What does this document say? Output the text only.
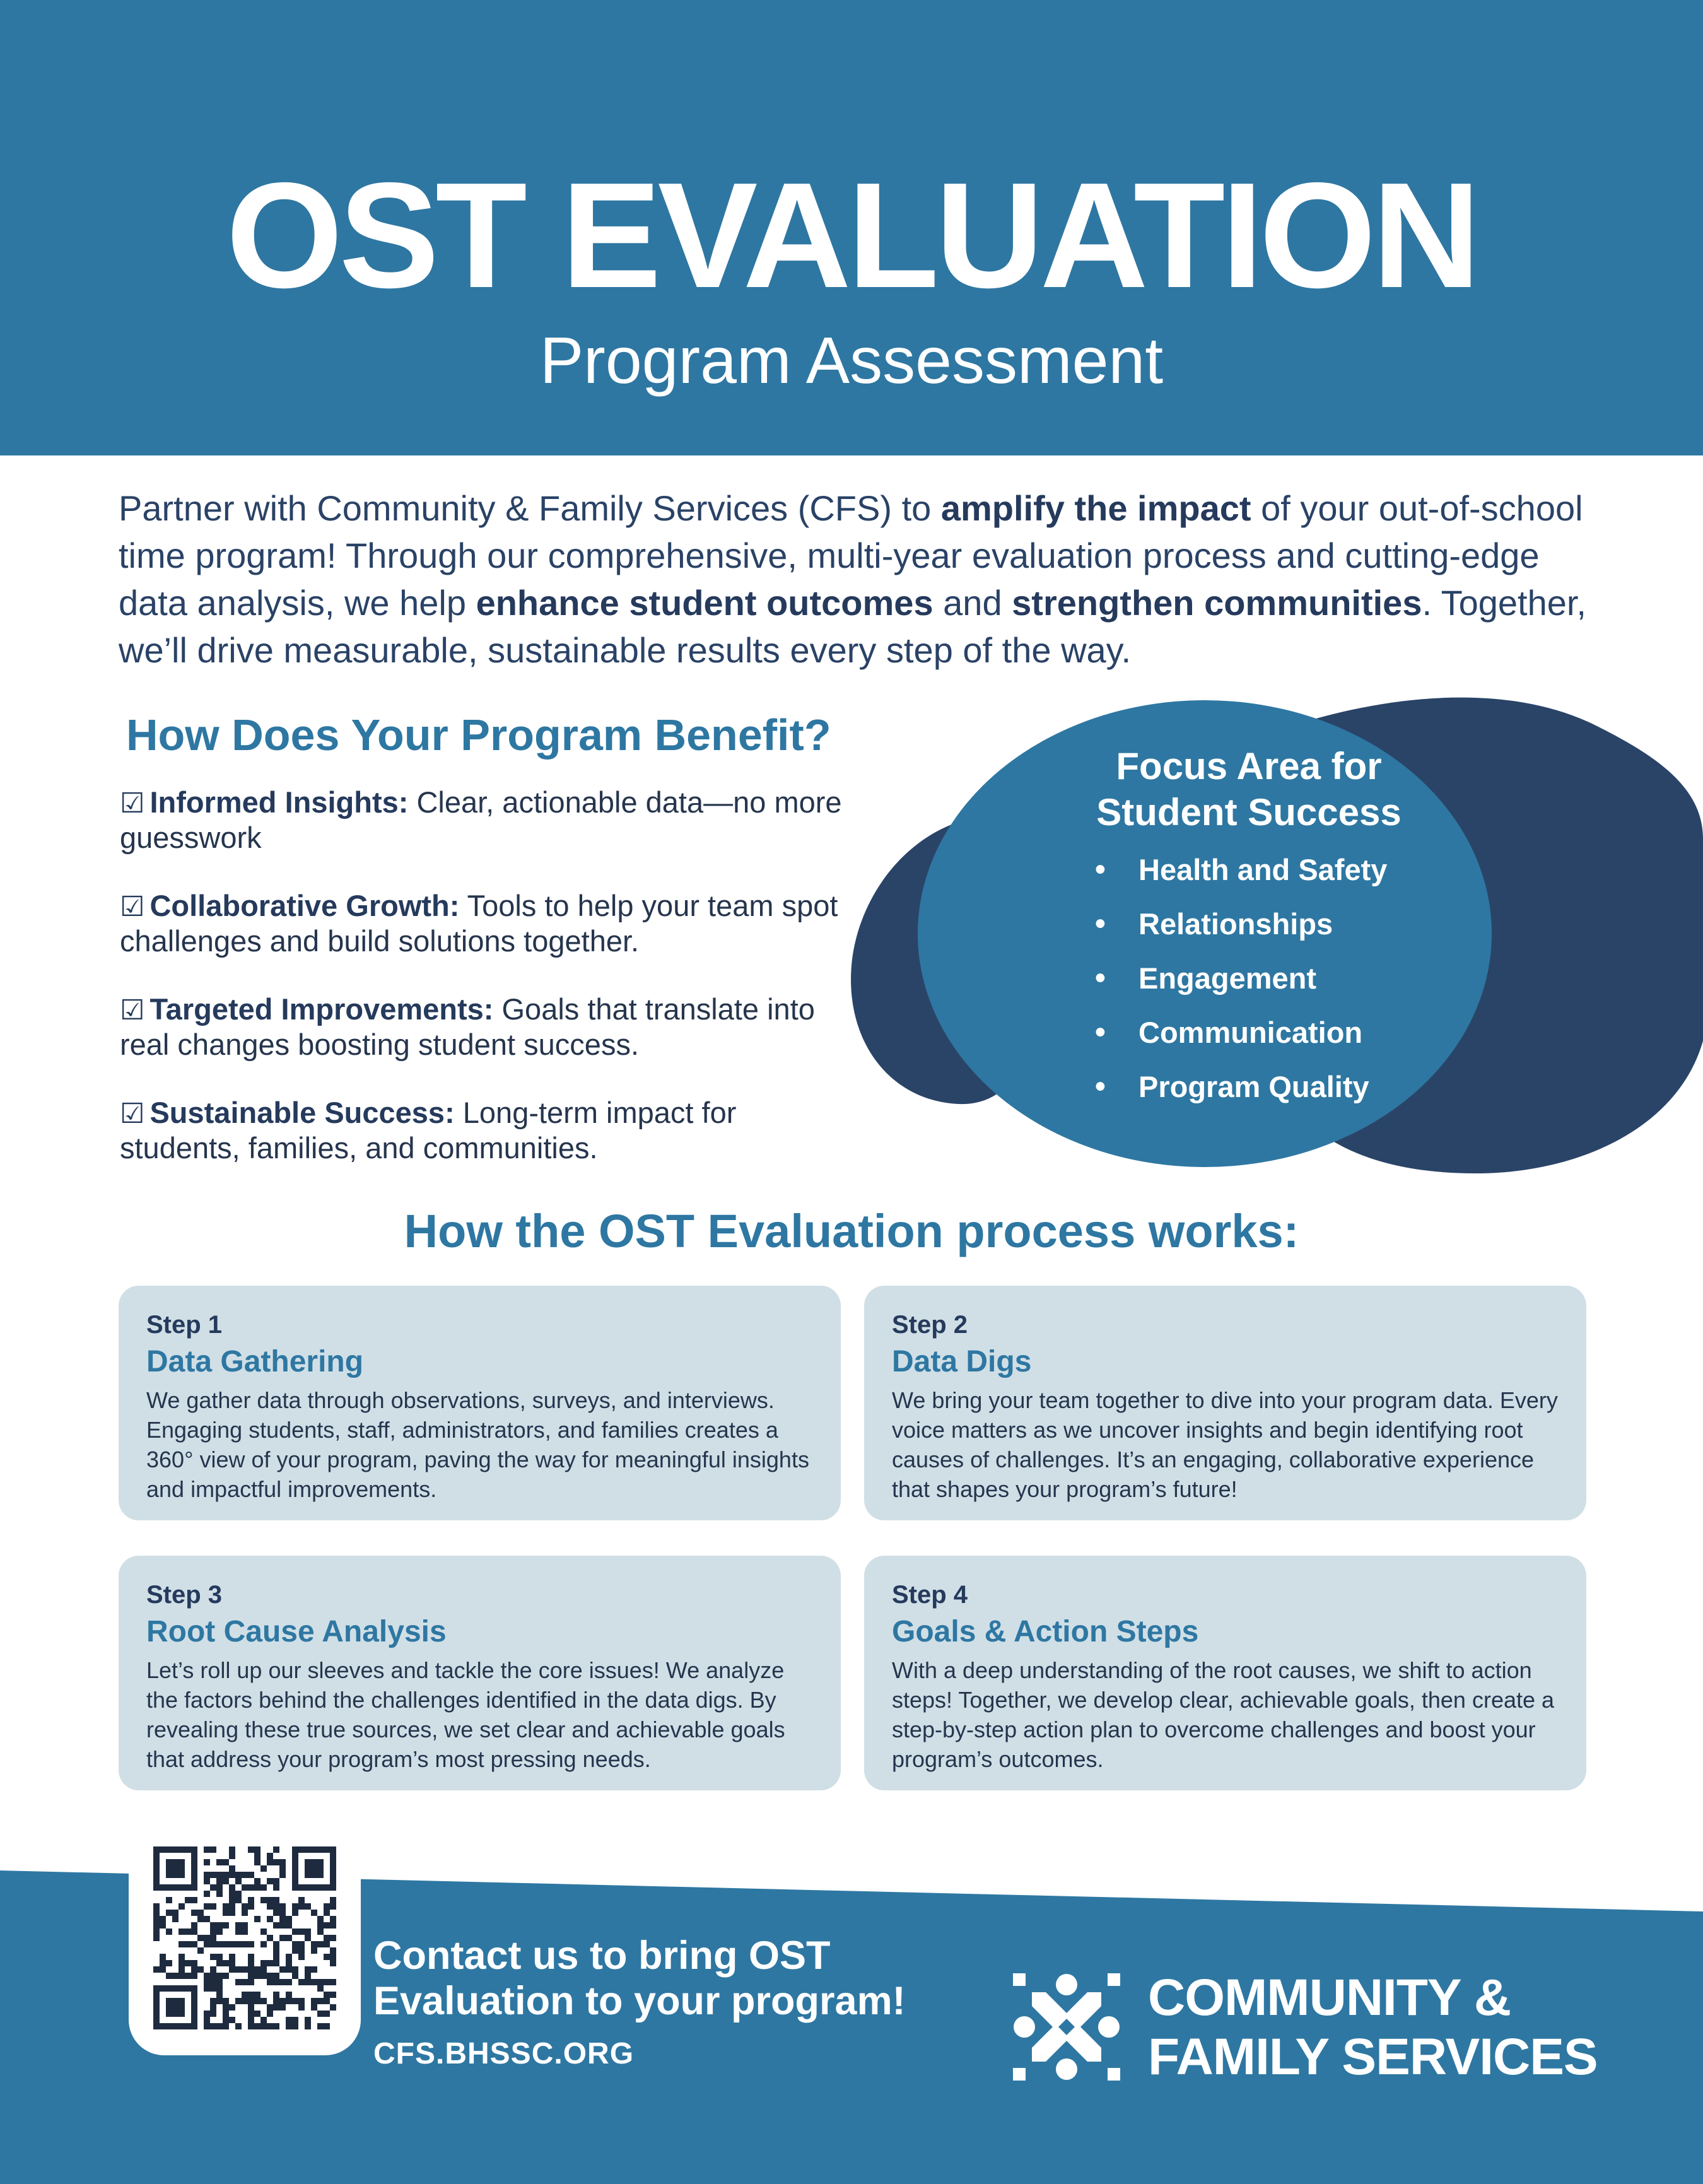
OST EVALUATION
Program Assessment
Partner with Community & Family Services (CFS) to amplify the impact of your out-of-school time program! Through our comprehensive, multi-year evaluation process and cutting-edge data analysis, we help enhance student outcomes and strengthen communities. Together, we’ll drive measurable, sustainable results every step of the way.
How Does Your Program Benefit?
☑ Informed Insights: Clear, actionable data—no more guesswork
☑ Collaborative Growth: Tools to help your team spot challenges and build solutions together.
☑ Targeted Improvements: Goals that translate into real changes boosting student success.
☑ Sustainable Success: Long-term impact for students, families, and communities.
Focus Area for
Student Success
• Health and Safety
• Relationships
• Engagement
• Communication
• Program Quality
How the OST Evaluation process works:
Step 1
Data Gathering
We gather data through observations, surveys, and interviews. Engaging students, staff, administrators, and families creates a 360° view of your program, paving the way for meaningful insights and impactful improvements.
Step 2
Data Digs
We bring your team together to dive into your program data. Every voice matters as we uncover insights and begin identifying root causes of challenges. It’s an engaging, collaborative experience that shapes your program’s future!
Step 3
Root Cause Analysis
Let’s roll up our sleeves and tackle the core issues! We analyze the factors behind the challenges identified in the data digs. By revealing these true sources, we set clear and achievable goals that address your program’s most pressing needs.
Step 4
Goals & Action Steps
With a deep understanding of the root causes, we shift to action steps! Together, we develop clear, achievable goals, then create a step-by-step action plan to overcome challenges and boost your program’s outcomes.
Contact us to bring OST
Evaluation to your program!
CFS.BHSSC.ORG
COMMUNITY &
FAMILY SERVICES
